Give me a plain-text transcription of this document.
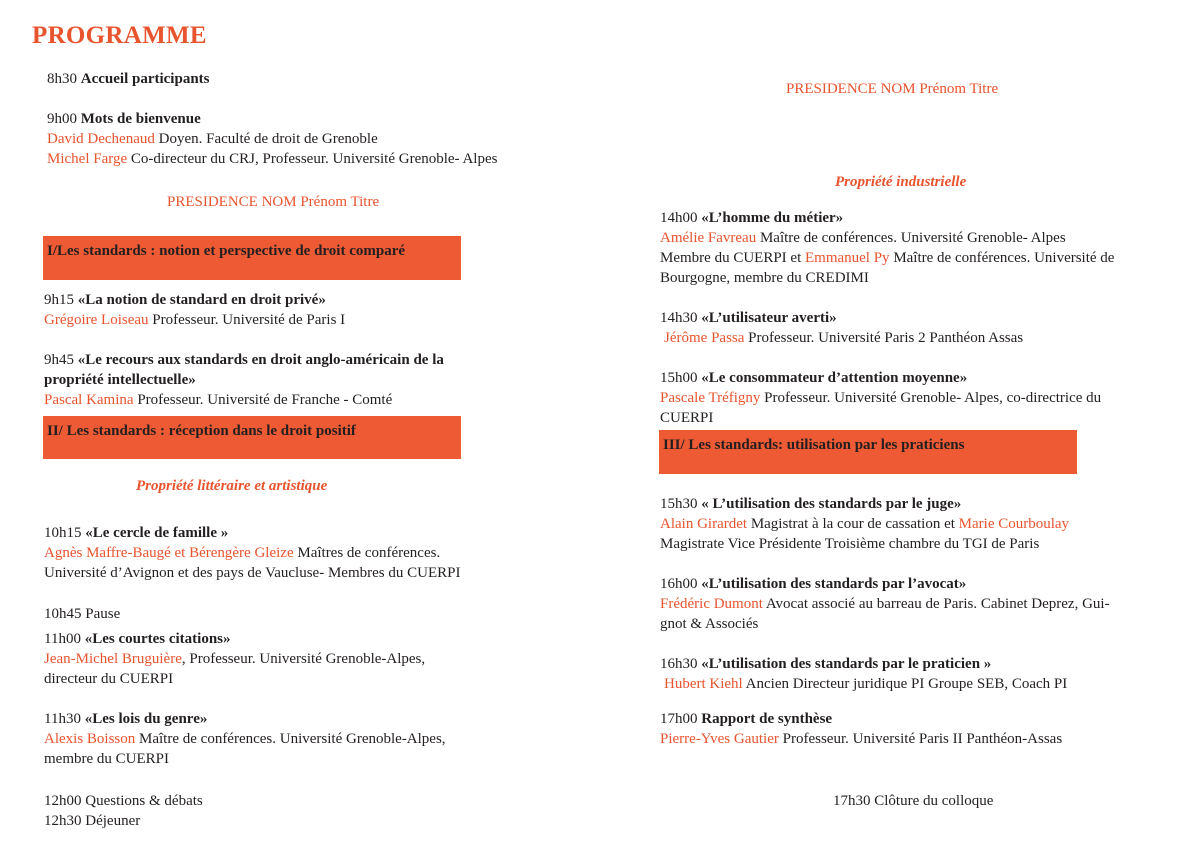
PROGRAMME
8h30 Accueil participants
9h00 Mots de bienvenue
David Dechenaud Doyen. Faculté de droit de Grenoble
Michel Farge Co-directeur du CRJ, Professeur. Université Grenoble- Alpes
PRESIDENCE NOM Prénom Titre
I/Les standards : notion et perspective de droit comparé
9h15 «La notion de standard en droit privé»
Grégoire Loiseau Professeur. Université de Paris I
9h45 «Le recours aux standards en droit anglo-américain de la
propriété intellectuelle»
Pascal Kamina Professeur. Université de Franche - Comté
II/ Les standards : réception dans le droit positif
Propriété littéraire et artistique
10h15 «Le cercle de famille »
Agnès Maffre-Baugé et Bérengère Gleize Maîtres de conférences.
Université d’Avignon et des pays de Vaucluse- Membres du CUERPI
10h45 Pause
11h00 «Les courtes citations»
Jean-Michel Bruguière, Professeur. Université Grenoble-Alpes,
directeur du CUERPI
11h30 «Les lois du genre»
Alexis Boisson Maître de conférences. Université Grenoble-Alpes,
membre du CUERPI
12h00 Questions & débats
12h30 Déjeuner
PRESIDENCE NOM Prénom Titre
Propriété industrielle
14h00 «L’homme du métier»
Amélie Favreau Maître de conférences. Université Grenoble- Alpes
Membre du CUERPI et Emmanuel Py Maître de conférences. Université de
Bourgogne, membre du CREDIMI
14h30 «L’utilisateur averti»
Jérôme Passa Professeur. Université Paris 2 Panthéon Assas
15h00 «Le consommateur d’attention moyenne»
Pascale Tréfigny Professeur. Université Grenoble- Alpes, co-directrice du
CUERPI
III/ Les standards: utilisation par les praticiens
15h30 « L’utilisation des standards par le juge»
Alain Girardet Magistrat à la cour de cassation et Marie Courboulay
Magistrate Vice Présidente Troisième chambre du TGI de Paris
16h00 «L’utilisation des standards par l’avocat»
Frédéric Dumont Avocat associé au barreau de Paris. Cabinet Deprez, Gui-
gnot & Associés
16h30 «L’utilisation des standards par le praticien »
Hubert Kiehl Ancien Directeur juridique PI Groupe SEB, Coach PI
17h00 Rapport de synthèse
Pierre-Yves Gautier Professeur. Université Paris II Panthéon-Assas
17h30 Clôture du colloque
